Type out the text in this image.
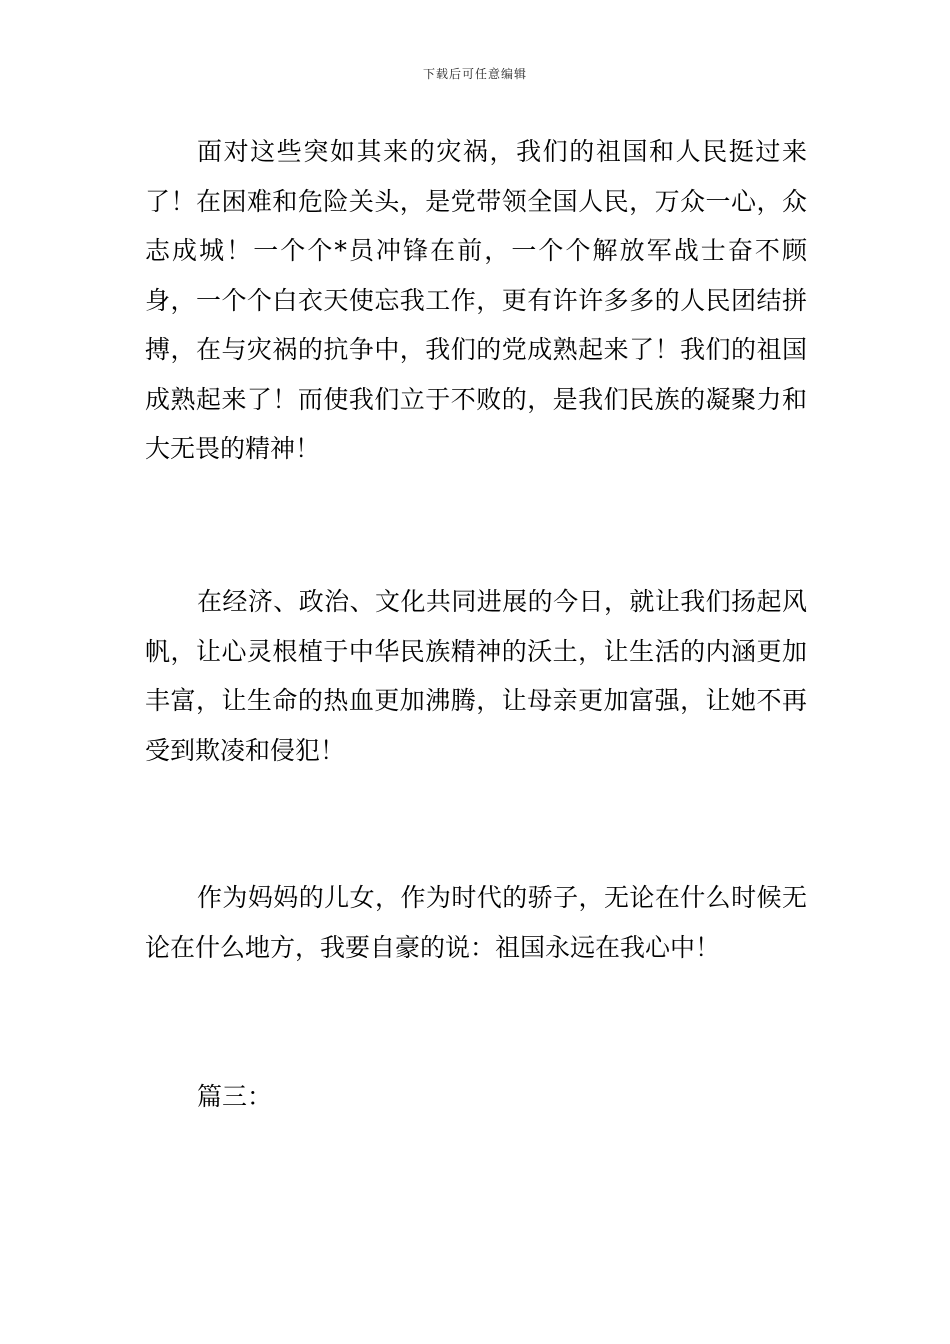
下载后可任意编辑

面对这些突如其来的灾祸，我们的祖国和人民挺过来了！在困难和危险关头，是党带领全国人民，万众一心，众志成城！一个个*员冲锋在前，一个个解放军战士奋不顾身，一个个白衣天使忘我工作，更有许许多多的人民团结拼搏，在与灾祸的抗争中，我们的党成熟起来了！我们的祖国成熟起来了！而使我们立于不败的，是我们民族的凝聚力和大无畏的精神！

在经济、政治、文化共同进展的今日，就让我们扬起风帆，让心灵根植于中华民族精神的沃土，让生活的内涵更加丰富，让生命的热血更加沸腾，让母亲更加富强，让她不再受到欺凌和侵犯！

作为妈妈的儿女，作为时代的骄子，无论在什么时候无论在什么地方，我要自豪的说：祖国永远在我心中！

篇三：
